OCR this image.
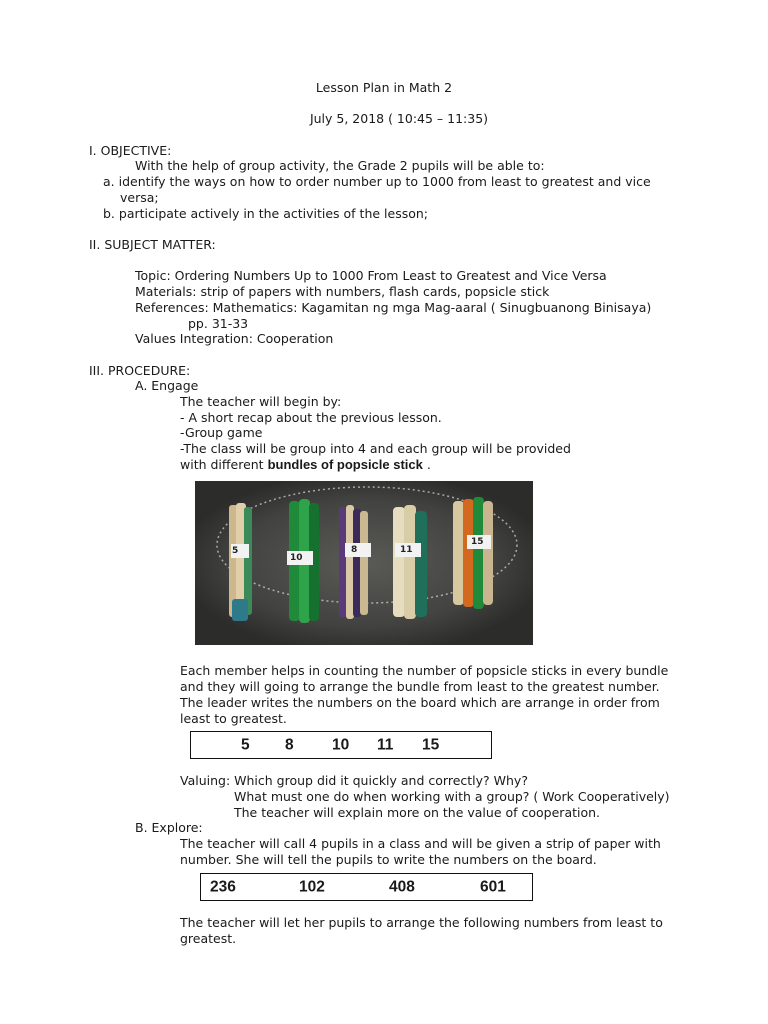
Lesson Plan in Math 2
July 5, 2018 ( 10:45 – 11:35)
I. OBJECTIVE:
With the help of group activity, the Grade 2 pupils will be able to:
a. identify the ways on how to order number up to 1000 from least to greatest and vice
versa;
b. participate actively in the activities of the lesson;
II. SUBJECT MATTER:
Topic: Ordering Numbers Up to 1000 From Least to Greatest and Vice Versa
Materials: strip of papers with numbers, flash cards, popsicle stick
References: Mathematics: Kagamitan ng mga Mag-aaral ( Sinugbuanong Binisaya)
pp. 31-33
Values Integration: Cooperation
III. PROCEDURE:
A. Engage
The teacher will begin by:
- A short recap about the previous lesson.
-Group game
-The class will be group into 4 and each group will be provided
with different bundles of popsicle stick .
5
10
8	11
15
Each member helps in counting the number of popsicle sticks in every bundle
and they will going to arrange the bundle from least to the greatest number.
The leader writes the numbers on the board which are arrange in order from
least to greatest.
5 8 10 11 15
Valuing: Which group did it quickly and correctly? Why?
What must one do when working with a group? ( Work Cooperatively)
The teacher will explain more on the value of cooperation.
B. Explore:
The teacher will call 4 pupils in a class and will be given a strip of paper with
number. She will tell the pupils to write the numbers on the board.
236	102	408	601
The teacher will let her pupils to arrange the following numbers from least to
greatest.
